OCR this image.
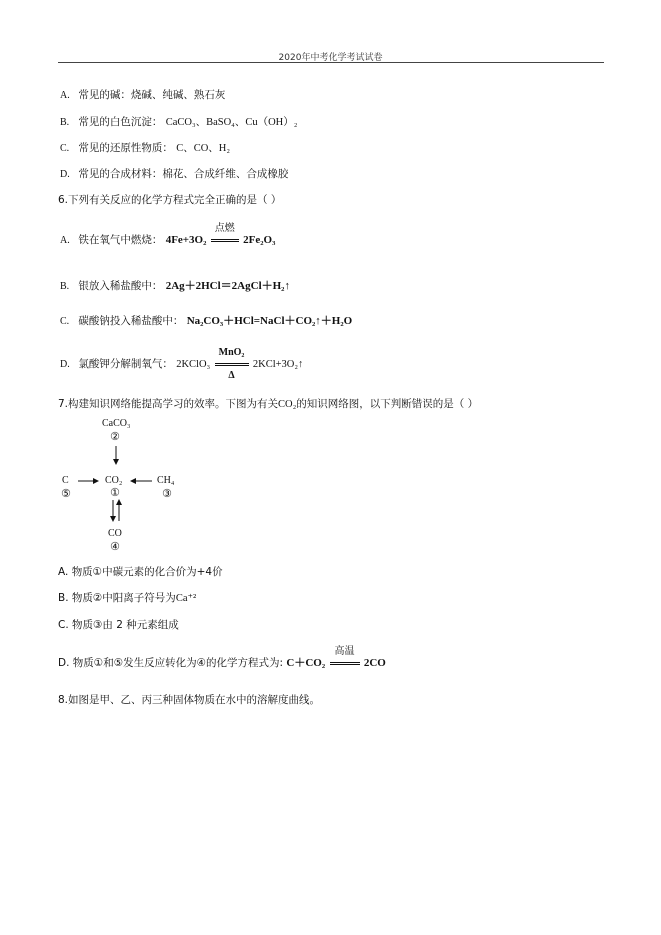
2020年中考化学考试试卷
A. 常见的碱：烧碱、纯碱、熟石灰
B. 常见的白色沉淀： CaCO₃、BaSO₄、Cu（OH）₂
C. 常见的还原性物质： C、CO、H₂
D. 常见的合成材料：棉花、合成纤维、合成橡胶
6.下列有关反应的化学方程式完全正确的是（ ）
A. 铁在氧气中燃烧： 4Fe+3O₂
点燃
2Fe₂O₃
B. 银放入稀盐酸中： 2Ag＋2HCl＝2AgCl＋H₂↑
C. 碳酸钠投入稀盐酸中： Na₂CO₃＋HCl=NaCl＋CO₂↑＋H₂O
D. 氯酸钾分解制氧气： 2KClO₃
MnO₂
Δ
2KCl+3O₂↑
7.构建知识网络能提高学习的效率。下图为有关CO₂的知识网络图，以下判断错误的是（ ）
CaCO₃
②
C
⑤
CO₂
①
CH₄
③
CO
④
A. 物质①中碳元素的化合价为+4价
B. 物质②中阳离子符号为Ca⁺²
C. 物质③由 2 种元素组成
D. 物质①和⑤发生反应转化为④的化学方程式为: C＋CO₂
高温
2CO
8.如图是甲、乙、丙三种固体物质在水中的溶解度曲线。
